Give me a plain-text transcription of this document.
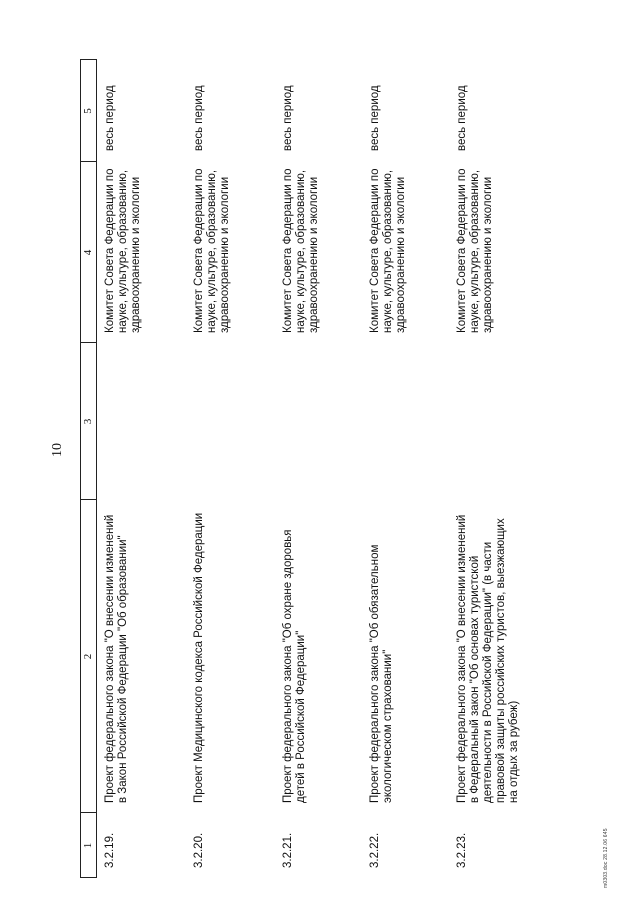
10
1
2
3
4
5
3.2.19.
Проект федерального закона "О внесении изменений в Закон Российской Федерации "Об образовании"
Комитет Совета Федерации по науке, культуре, образованию, здравоохранению и экологии
весь период
3.2.20.
Проект Медицинского кодекса Российской Федерации
Комитет Совета Федерации по науке, культуре, образованию, здравоохранению и экологии
весь период
3.2.21.
Проект федерального закона "Об охране здоровья детей в Российской Федерации"
Комитет Совета Федерации по науке, культуре, образованию, здравоохранению и экологии
весь период
3.2.22.
Проект федерального закона "Об обязательном экологическом страховании"
Комитет Совета Федерации по науке, культуре, образованию, здравоохранению и экологии
весь период
3.2.23.
Проект федерального закона "О внесении изменений в Федеральный закон "Об основах туристской деятельности в Российской Федерации" (в части правовой защиты российских туристов, выезжающих на отдых за рубеж)
Комитет Совета Федерации по науке, культуре, образованию, здравоохранению и экологии
весь период
m0303.doc 28.12.06 645
